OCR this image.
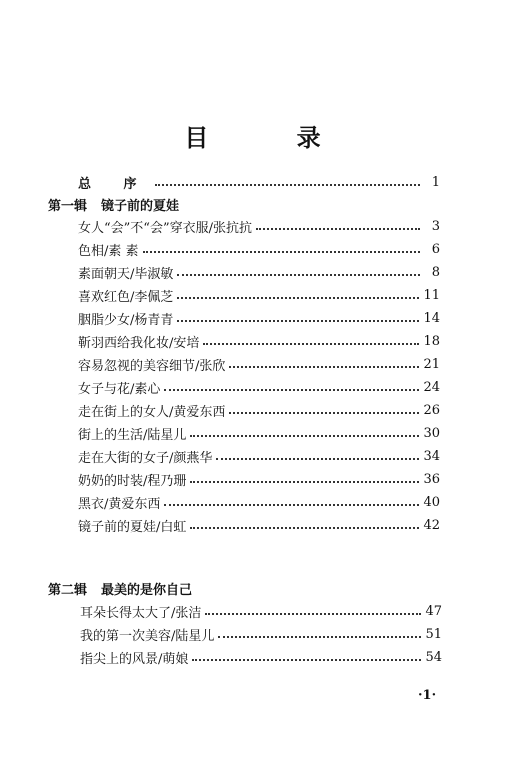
目 录
总 序	1
第一辑 镜子前的夏娃
女人“会”不“会”穿衣服/张抗抗	3
色相/素 素	6
素面朝天/毕淑敏	8
喜欢红色/李佩芝	11
胭脂少女/杨青青	14
靳羽西给我化妆/安培	18
容易忽视的美容细节/张欣	21
女子与花/素心	24
走在街上的女人/黄爱东西	26
街上的生活/陆星儿	30
走在大街的女子/颜燕华	34
奶奶的时装/程乃珊	36
黑衣/黄爱东西	40
镜子前的夏娃/白虹	42
第二辑 最美的是你自己
耳朵长得太大了/张洁	47
我的第一次美容/陆星儿	51
指尖上的风景/萌娘	54
·1·
